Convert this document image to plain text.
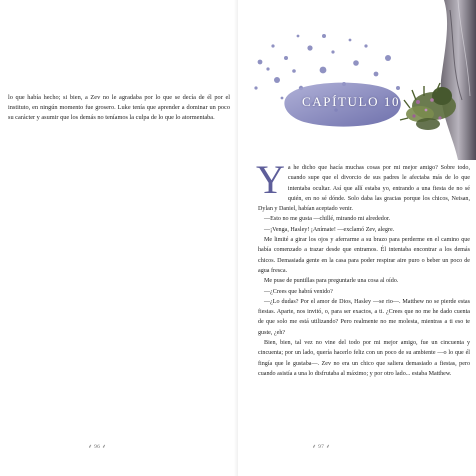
lo que había hecho; si bien, a Zev no le agradaba por lo que se decía de él por el instituto, en ningún momento fue grosero. Luke tenía que aprender a dominar un poco su carácter y asumir que los demás no teníamos la culpa de lo que lo atormentaba.

⸙ 96 ⸙
CAPÍTULO 10

Ya he dicho que hacía muchas cosas por mi mejor amigo? Sobre todo, cuando supe que el divorcio de sus padres le afectaba más de lo que intentaba ocultar. Así que allí estaba yo, entrando a una fiesta de no sé quién, en no sé dónde. Solo daba las gracias porque los chicos, Neisan, Dylan y Daniel, habían aceptado venir.

—Esto no me gusta —chillé, mirando mi alrededor.

—¡Venga, Hasley! ¡Anímate! —exclamó Zev, alegre.

Me limité a girar los ojos y aferrarme a su brazo para perderme en el camino que había comenzado a trazar desde que entramos. Él intentaba encontrar a los demás chicos. Demasiada gente en la casa para poder respirar aire puro o beber un poco de agua fresca.

Me puse de puntillas para preguntarle una cosa al oído.

—¿Crees que habrá venido?

—¿Lo dudas? Por el amor de Dios, Hasley —se rio—. Matthew no se pierde estas fiestas. Aparte, nos invitó, o, para ser exactos, a ti. ¿Crees que no me he dado cuenta de que solo me está utilizando? Pero realmente no me molesta, mientras a ti eso te guste, ¿eh?

Bien, bien, tal vez no vine del todo por mi mejor amigo, fue un cincuenta y cincuenta; por un lado, quería hacerlo feliz con un poco de su ambiente —o lo que él fingía que le gustaba—. Zev no era un chico que saliera demasiado a fiestas, pero cuando asistía a una lo disfrutaba al máximo; y por otro lado... estaba Matthew.

⸙ 97 ⸙
